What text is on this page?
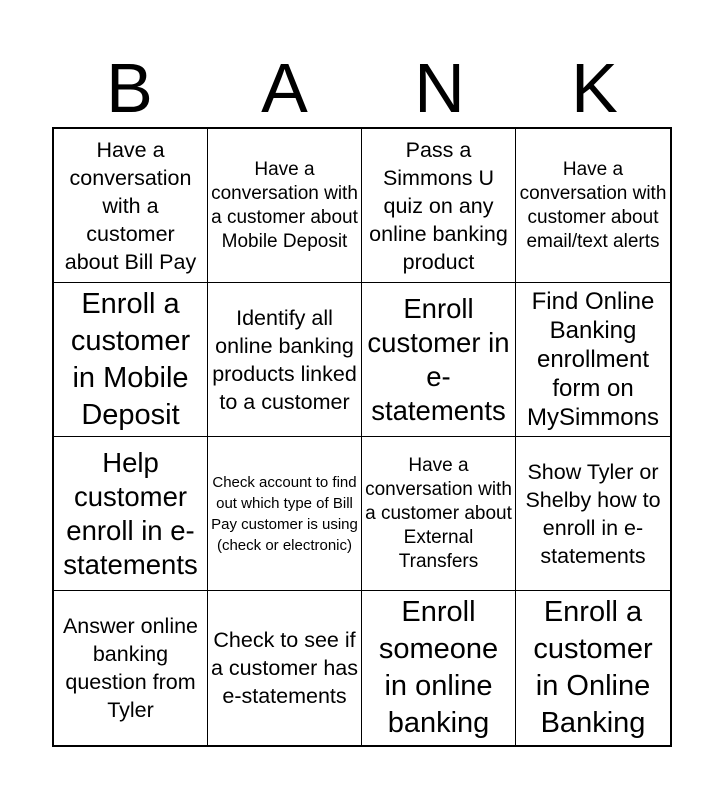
B	A	N	K
Have a conversation with a customer about Bill Pay
Have a conversation with a customer about Mobile Deposit
Pass a Simmons U quiz on any online banking product
Have a conversation with customer about email/text alerts
Enroll a customer in Mobile Deposit
Identify all online banking products linked to a customer
Enroll customer in e-statements
Find Online Banking enrollment form on MySimmons
Help customer enroll in e-statements
Check account to find out which type of Bill Pay customer is using (check or electronic)
Have a conversation with a customer about External Transfers
Show Tyler or Shelby how to enroll in e-statements
Answer online banking question from Tyler
Check to see if a customer has e-statements
Enroll someone in online banking
Enroll a customer in Online Banking
